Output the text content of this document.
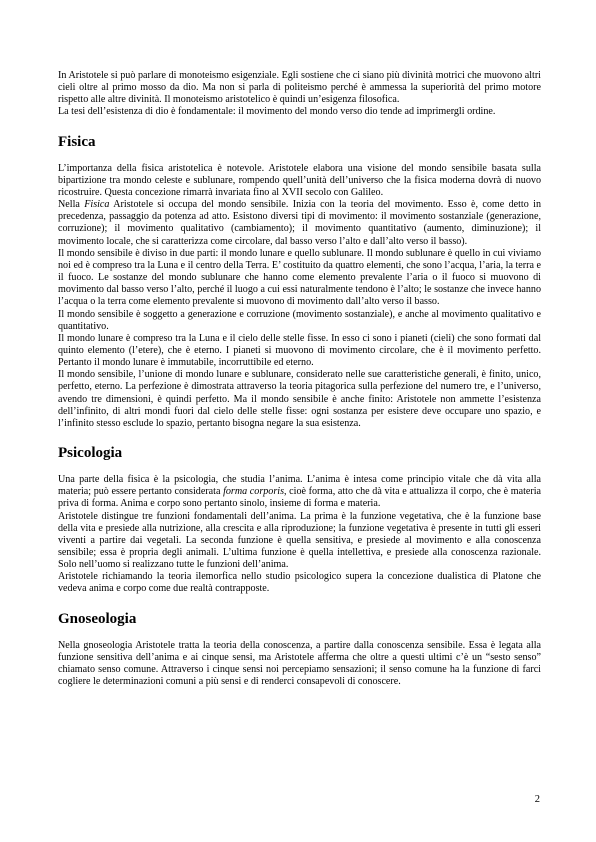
In Aristotele si può parlare di monoteismo esigenziale. Egli sostiene che ci siano più divinità motrici che muovono altri cieli oltre al primo mosso da dio. Ma non si parla di politeismo perché è ammessa la superiorità del primo motore rispetto alle altre divinità. Il monoteismo aristotelico è quindi un’esigenza filosofica.

La tesi dell’esistenza di dio è fondamentale: il movimento del mondo verso dio tende ad imprimergli ordine.

Fisica

L’importanza della fisica aristotelica è notevole. Aristotele elabora una visione del mondo sensibile basata sulla bipartizione tra mondo celeste e sublunare, rompendo quell’unità dell’universo che la fisica moderna dovrà di nuovo ricostruire. Questa concezione rimarrà invariata fino al XVII secolo con Galileo.

Nella Fisica Aristotele si occupa del mondo sensibile. Inizia con la teoria del movimento. Esso è, come detto in precedenza, passaggio da potenza ad atto. Esistono diversi tipi di movimento: il movimento sostanziale (generazione, corruzione); il movimento qualitativo (cambiamento); il movimento quantitativo (aumento, diminuzione); il movimento locale, che si caratterizza come circolare, dal basso verso l’alto e dall’alto verso il basso).

Il mondo sensibile è diviso in due parti: il mondo lunare e quello sublunare. Il mondo sublunare è quello in cui viviamo noi ed è compreso tra la Luna e il centro della Terra. E’ costituito da quattro elementi, che sono l’acqua, l’aria, la terra e il fuoco. Le sostanze del mondo sublunare che hanno come elemento prevalente l’aria o il fuoco si muovono di movimento dal basso verso l’alto, perché il luogo a cui essi naturalmente tendono è l’alto; le sostanze che invece hanno l’acqua o la terra come elemento prevalente si muovono di movimento dall’alto verso il basso.

Il mondo sensibile è soggetto a generazione e corruzione (movimento sostanziale), e anche al movimento qualitativo e quantitativo.

Il mondo lunare è compreso tra la Luna e il cielo delle stelle fisse. In esso ci sono i pianeti (cieli) che sono formati dal quinto elemento (l’etere), che è eterno. I pianeti si muovono di movimento circolare, che è il movimento perfetto. Pertanto il mondo lunare è immutabile, incorruttibile ed eterno.

Il mondo sensibile, l’unione di mondo lunare e sublunare, considerato nelle sue caratteristiche generali, è finito, unico, perfetto, eterno. La perfezione è dimostrata attraverso la teoria pitagorica sulla perfezione del numero tre, e l’universo, avendo tre dimensioni, è quindi perfetto. Ma il mondo sensibile è anche finito: Aristotele non ammette l’esistenza dell’infinito, di altri mondi fuori dal cielo delle stelle fisse: ogni sostanza per esistere deve occupare uno spazio, e l’infinito stesso esclude lo spazio, pertanto bisogna negare la sua esistenza.

Psicologia

Una parte della fisica è la psicologia, che studia l’anima. L’anima è intesa come principio vitale che dà vita alla materia; può essere pertanto considerata forma corporis, cioè forma, atto che dà vita e attualizza il corpo, che è materia priva di forma. Anima e corpo sono pertanto sinolo, insieme di forma e materia.

Aristotele distingue tre funzioni fondamentali dell’anima. La prima è la funzione vegetativa, che è la funzione base della vita e presiede alla nutrizione, alla crescita e alla riproduzione; la funzione vegetativa è presente in tutti gli esseri viventi a partire dai vegetali. La seconda funzione è quella sensitiva, e presiede al movimento e alla conoscenza sensibile; essa è propria degli animali. L’ultima funzione è quella intellettiva, e presiede alla conoscenza razionale. Solo nell’uomo si realizzano tutte le funzioni dell’anima.

Aristotele richiamando la teoria ilemorfica nello studio psicologico supera la concezione dualistica di Platone che vedeva anima e corpo come due realtà contrapposte.

Gnoseologia

Nella gnoseologia Aristotele tratta la teoria della conoscenza, a partire dalla conoscenza sensibile. Essa è legata alla funzione sensitiva dell’anima e ai cinque sensi, ma Aristotele afferma che oltre a questi ultimi c’è un “sesto senso” chiamato senso comune. Attraverso i cinque sensi noi percepiamo sensazioni; il senso comune ha la funzione di farci cogliere le determinazioni comuni a più sensi e di renderci consapevoli di conoscere.

2
